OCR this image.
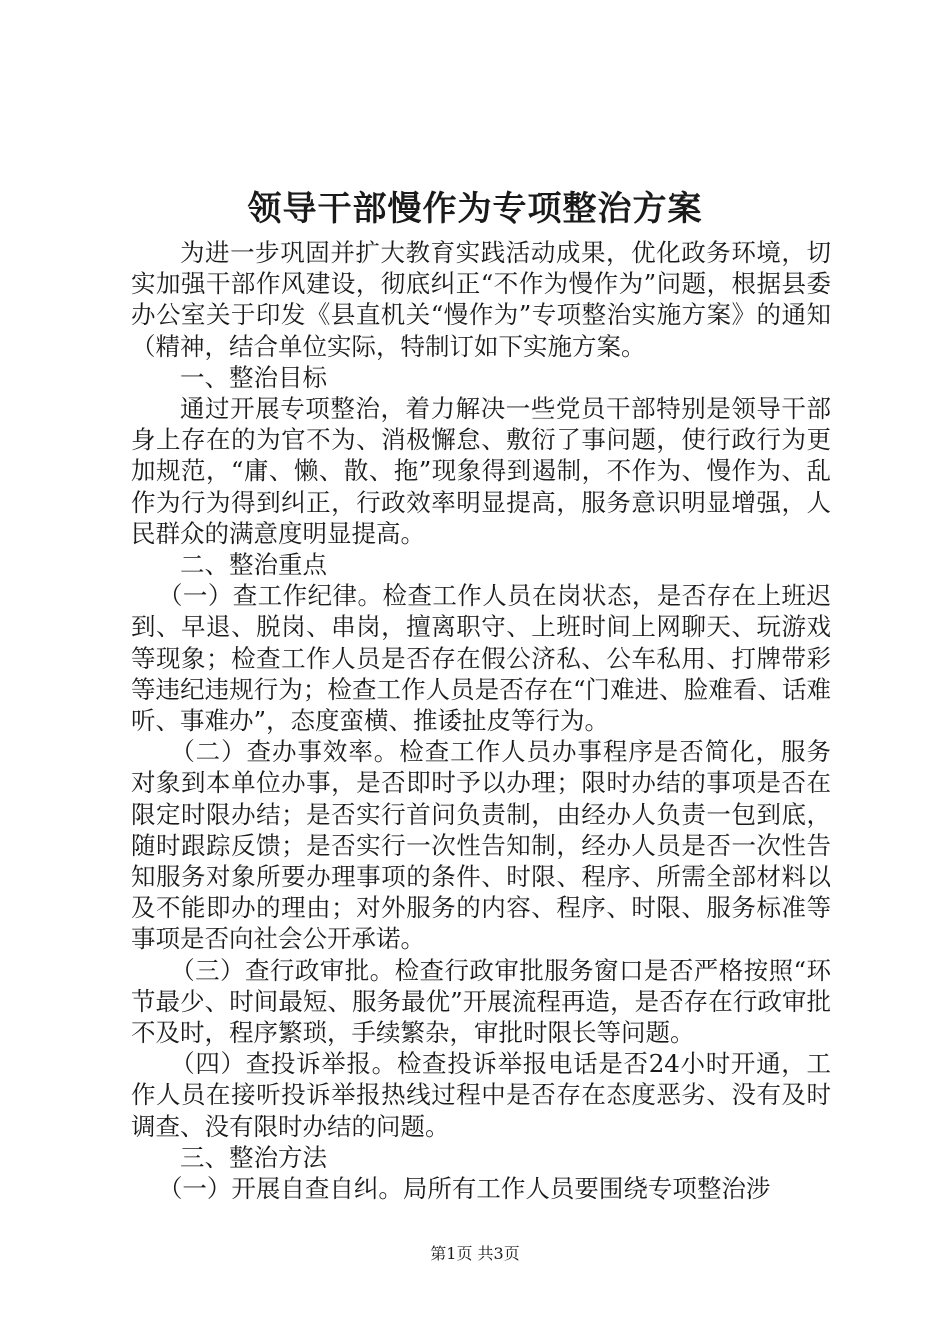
领导干部慢作为专项整治方案

为进一步巩固并扩大教育实践活动成果，优化政务环境，切实加强干部作风建设，彻底纠正“不作为慢作为”问题，根据县委办公室关于印发《县直机关“慢作为”专项整治实施方案》的通知（精神，结合单位实际，特制订如下实施方案。

一、整治目标

通过开展专项整治，着力解决一些党员干部特别是领导干部身上存在的为官不为、消极懈怠、敷衍了事问题，使行政行为更加规范，“庸、懒、散、拖”现象得到遏制，不作为、慢作为、乱作为行为得到纠正，行政效率明显提高，服务意识明显增强，人民群众的满意度明显提高。

二、整治重点

（一）查工作纪律。检查工作人员在岗状态，是否存在上班迟到、早退、脱岗、串岗，擅离职守、上班时间上网聊天、玩游戏等现象；检查工作人员是否存在假公济私、公车私用、打牌带彩等违纪违规行为；检查工作人员是否存在“门难进、脸难看、话难听、事难办”，态度蛮横、推诿扯皮等行为。

（二）查办事效率。检查工作人员办事程序是否简化，服务对象到本单位办事，是否即时予以办理；限时办结的事项是否在限定时限办结；是否实行首问负责制，由经办人负责一包到底，随时跟踪反馈；是否实行一次性告知制，经办人员是否一次性告知服务对象所要办理事项的条件、时限、程序、所需全部材料以及不能即办的理由；对外服务的内容、程序、时限、服务标准等事项是否向社会公开承诺。

（三）查行政审批。检查行政审批服务窗口是否严格按照“环节最少、时间最短、服务最优”开展流程再造，是否存在行政审批不及时，程序繁琐，手续繁杂，审批时限长等问题。

（四）查投诉举报。检查投诉举报电话是否24小时开通，工作人员在接听投诉举报热线过程中是否存在态度恶劣、没有及时调查、没有限时办结的问题。

三、整治方法

（一）开展自查自纠。局所有工作人员要围绕专项整治涉

第1页 共3页
